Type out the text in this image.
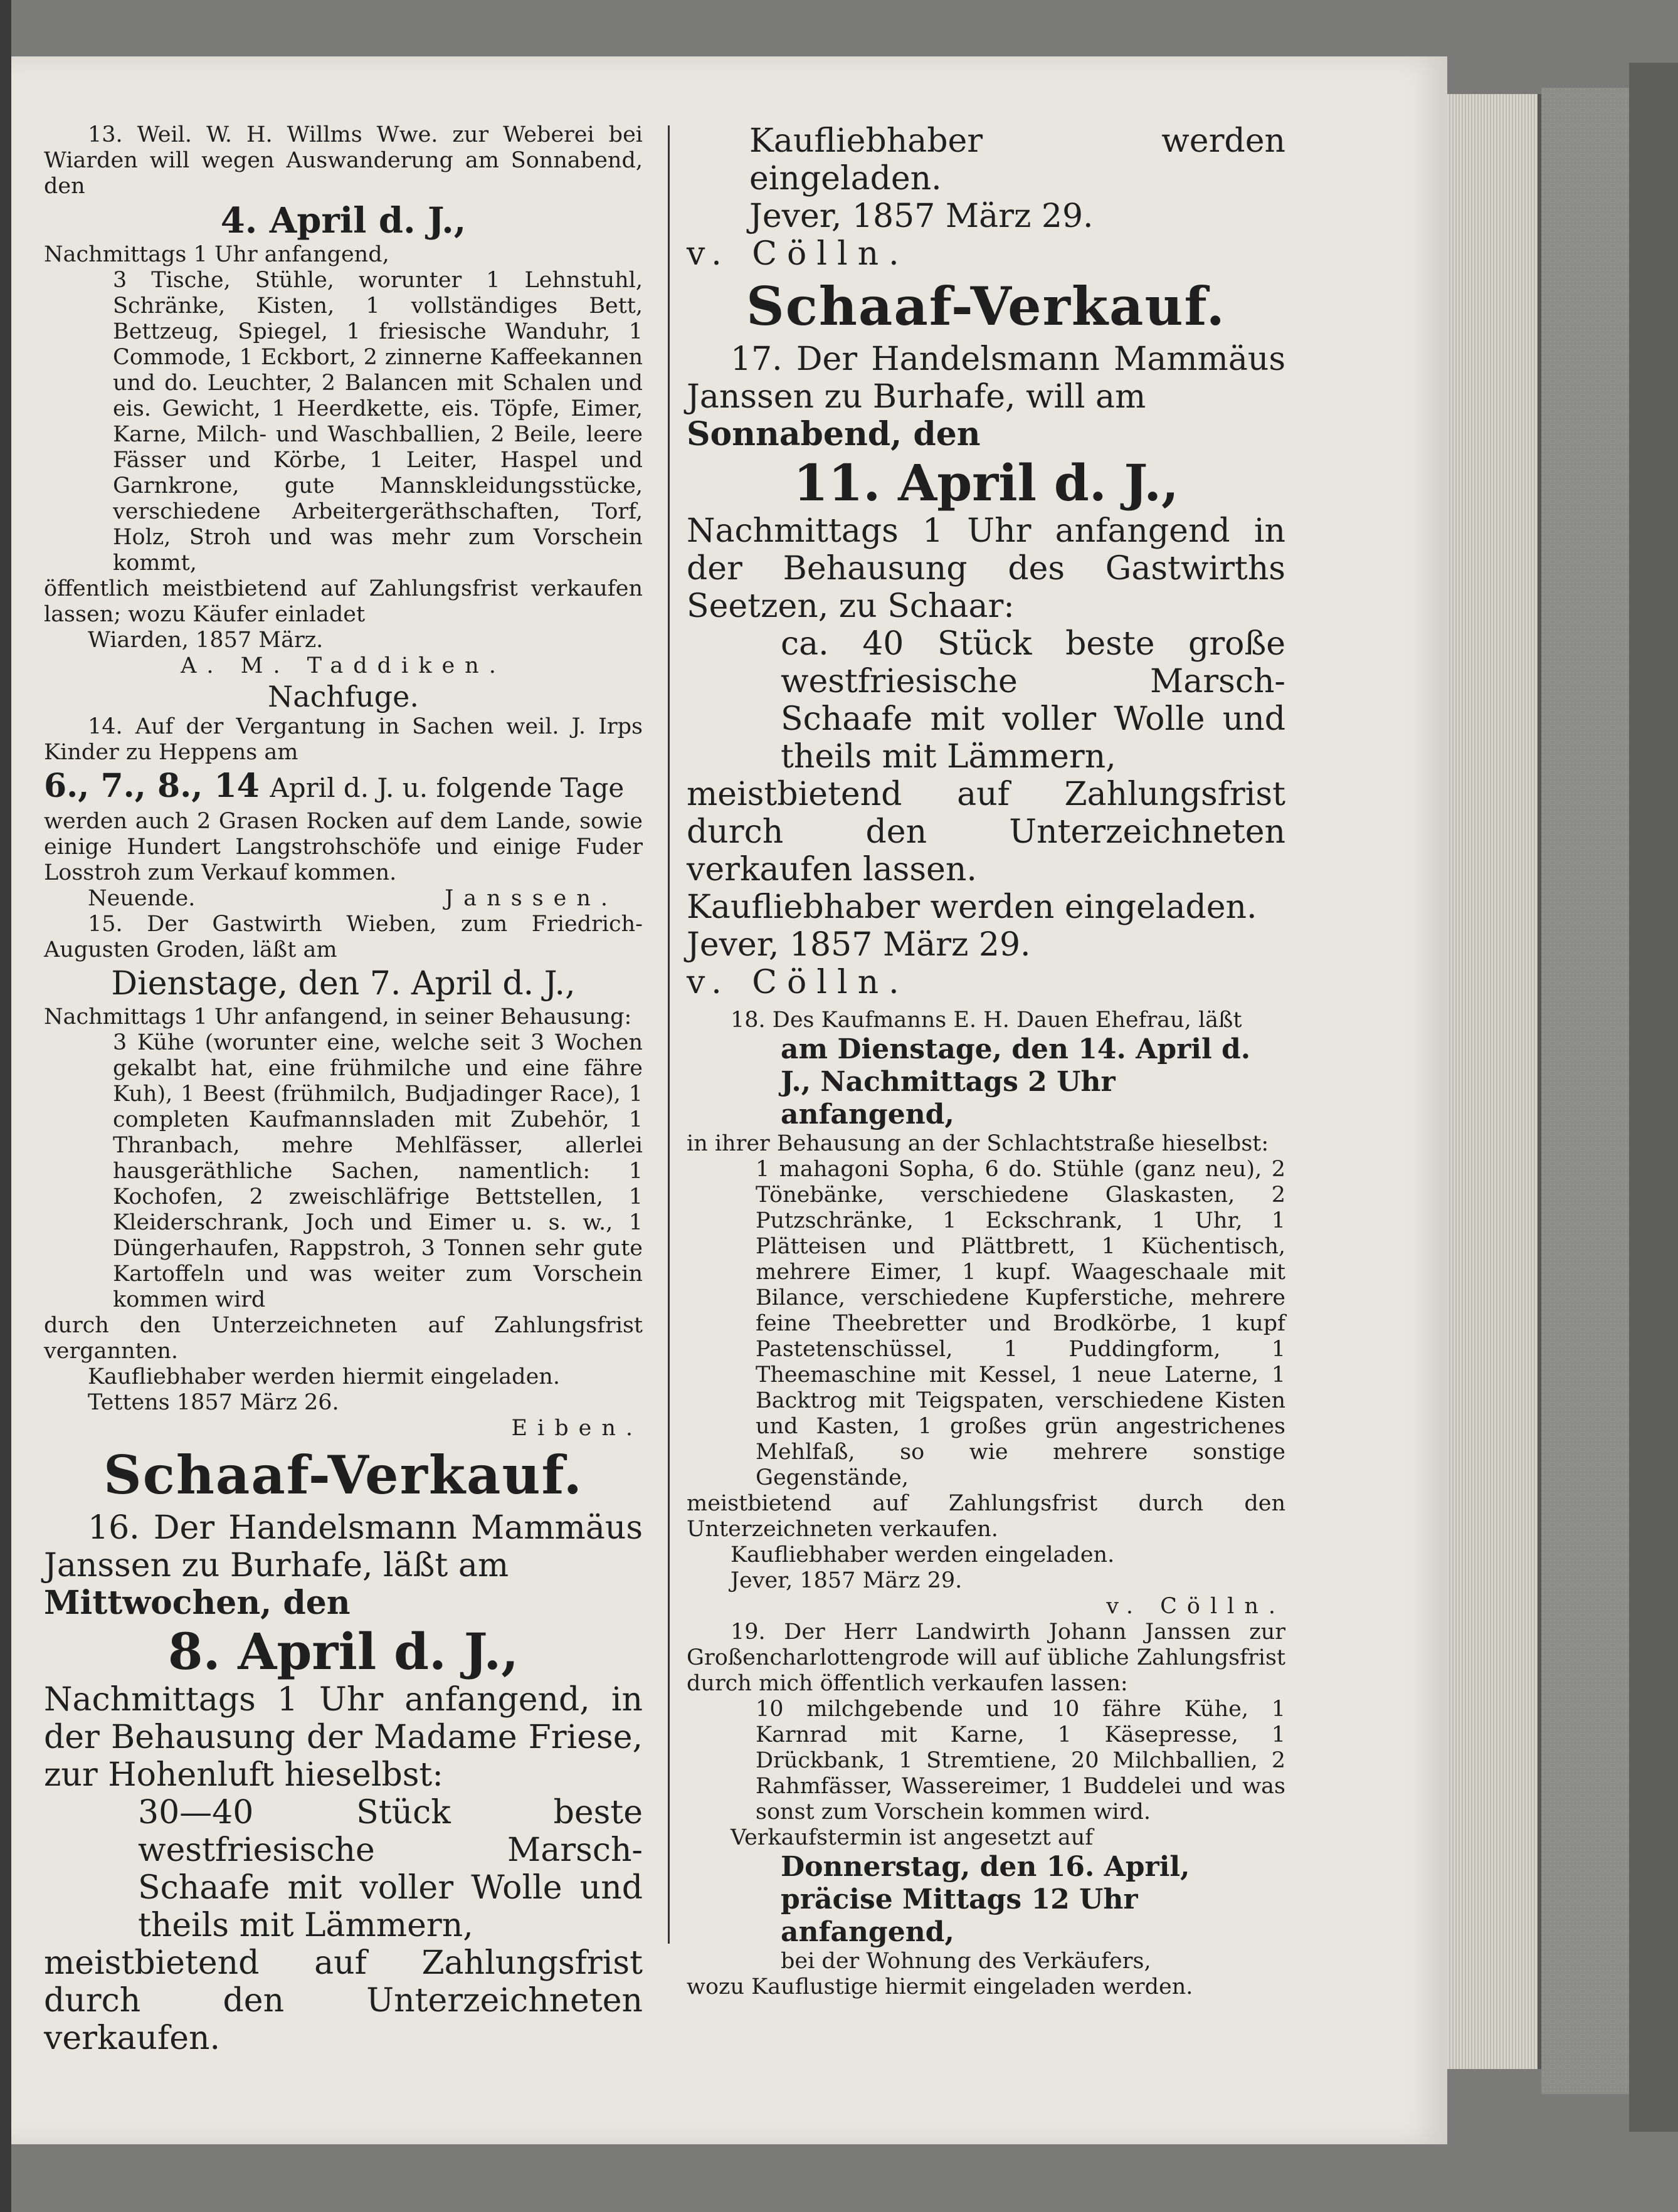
13. Weil. W. H. Willms Wwe. zur Weberei bei Wiarden will wegen Auswanderung am Sonnabend, den

4. April d. J.,

Nachmittags 1 Uhr anfangend,

3 Tische, Stühle, worunter 1 Lehnstuhl, Schränke, Kisten, 1 vollständiges Bett, Bettzeug, Spiegel, 1 friesische Wanduhr, 1 Commode, 1 Eckbort, 2 zinnerne Kaffeekannen und do. Leuchter, 2 Balancen mit Schalen und eis. Gewicht, 1 Heerdkette, eis. Töpfe, Eimer, Karne, Milch- und Waschballien, 2 Beile, leere Fässer und Körbe, 1 Leiter, Haspel und Garnkrone, gute Mannskleidungsstücke, verschiedene Arbeitergeräthschaften, Torf, Holz, Stroh und was mehr zum Vorschein kommt,

öffentlich meistbietend auf Zahlungsfrist verkaufen lassen; wozu Käufer einladet

Wiarden, 1857 März.

A. M. Taddiken.

Nachfuge.

14. Auf der Vergantung in Sachen weil. J. Irps Kinder zu Heppens am

6., 7., 8., 14 April d. J. u. folgende Tage

werden auch 2 Grasen Rocken auf dem Lande, sowie einige Hundert Langstrohschöfe und einige Fuder Losstroh zum Verkauf kommen.

Neuende.	Janssen.

15. Der Gastwirth Wieben, zum Friedrich-Augusten Groden, läßt am

Dienstage, den 7. April d. J.,

Nachmittags 1 Uhr anfangend, in seiner Behausung:

3 Kühe (worunter eine, welche seit 3 Wochen gekalbt hat, eine frühmilche und eine fähre Kuh), 1 Beest (frühmilch, Budjadinger Race), 1 completen Kaufmannsladen mit Zubehör, 1 Thranbach, mehre Mehlfässer, allerlei hausgeräthliche Sachen, namentlich: 1 Kochofen, 2 zweischläfrige Bettstellen, 1 Kleiderschrank, Joch und Eimer u. s. w., 1 Düngerhaufen, Rappstroh, 3 Tonnen sehr gute Kartoffeln und was weiter zum Vorschein kommen wird

durch den Unterzeichneten auf Zahlungsfrist vergannten.

Kaufliebhaber werden hiermit eingeladen.

Tettens 1857 März 26.

Eiben.

Schaaf-Verkauf.

16. Der Handelsmann Mammäus Janssen zu Burhafe, läßt am

Mittwochen, den

8. April d. J.,

Nachmittags 1 Uhr anfangend, in der Behausung der Madame Friese, zur Hohenluft hieselbst:

30—40 Stück beste westfriesische Marsch-Schaafe mit voller Wolle und theils mit Lämmern,

meistbietend auf Zahlungsfrist durch den Unterzeichneten verkaufen.

Kaufliebhaber werden eingeladen.

Jever, 1857 März 29.

v. Cölln.

Schaaf-Verkauf.

17. Der Handelsmann Mammäus Janssen zu Burhafe, will am

Sonnabend, den

11. April d. J.,

Nachmittags 1 Uhr anfangend in der Behausung des Gastwirths Seetzen, zu Schaar:

ca. 40 Stück beste große westfriesische Marsch-Schaafe mit voller Wolle und theils mit Lämmern,

meistbietend auf Zahlungsfrist durch den Unterzeichneten verkaufen lassen.

Kaufliebhaber werden eingeladen.

Jever, 1857 März 29.

v. Cölln.

18. Des Kaufmanns E. H. Dauen Ehefrau, läßt

am Dienstage, den 14. April d. J., Nachmittags 2 Uhr anfangend,

in ihrer Behausung an der Schlachtstraße hieselbst:

1 mahagoni Sopha, 6 do. Stühle (ganz neu), 2 Tönebänke, verschiedene Glaskasten, 2 Putzschränke, 1 Eckschrank, 1 Uhr, 1 Plätteisen und Plättbrett, 1 Küchentisch, mehrere Eimer, 1 kupf. Waageschaale mit Bilance, verschiedene Kupferstiche, mehrere feine Theebretter und Brodkörbe, 1 kupf Pastetenschüssel, 1 Puddingform, 1 Theemaschine mit Kessel, 1 neue Laterne, 1 Backtrog mit Teigspaten, verschiedene Kisten und Kasten, 1 großes grün angestrichenes Mehlfaß, so wie mehrere sonstige Gegenstände,

meistbietend auf Zahlungsfrist durch den Unterzeichneten verkaufen.

Kaufliebhaber werden eingeladen.

Jever, 1857 März 29.

v. Cölln.

19. Der Herr Landwirth Johann Janssen zur Großencharlottengrode will auf übliche Zahlungsfrist durch mich öffentlich verkaufen lassen:

10 milchgebende und 10 fähre Kühe, 1 Karnrad mit Karne, 1 Käsepresse, 1 Drückbank, 1 Stremtiene, 20 Milchballien, 2 Rahmfässer, Wassereimer, 1 Buddelei und was sonst zum Vorschein kommen wird.

Verkaufstermin ist angesetzt auf

Donnerstag, den 16. April, präcise Mittags 12 Uhr anfangend,

bei der Wohnung des Verkäufers,

wozu Kauflustige hiermit eingeladen werden.
